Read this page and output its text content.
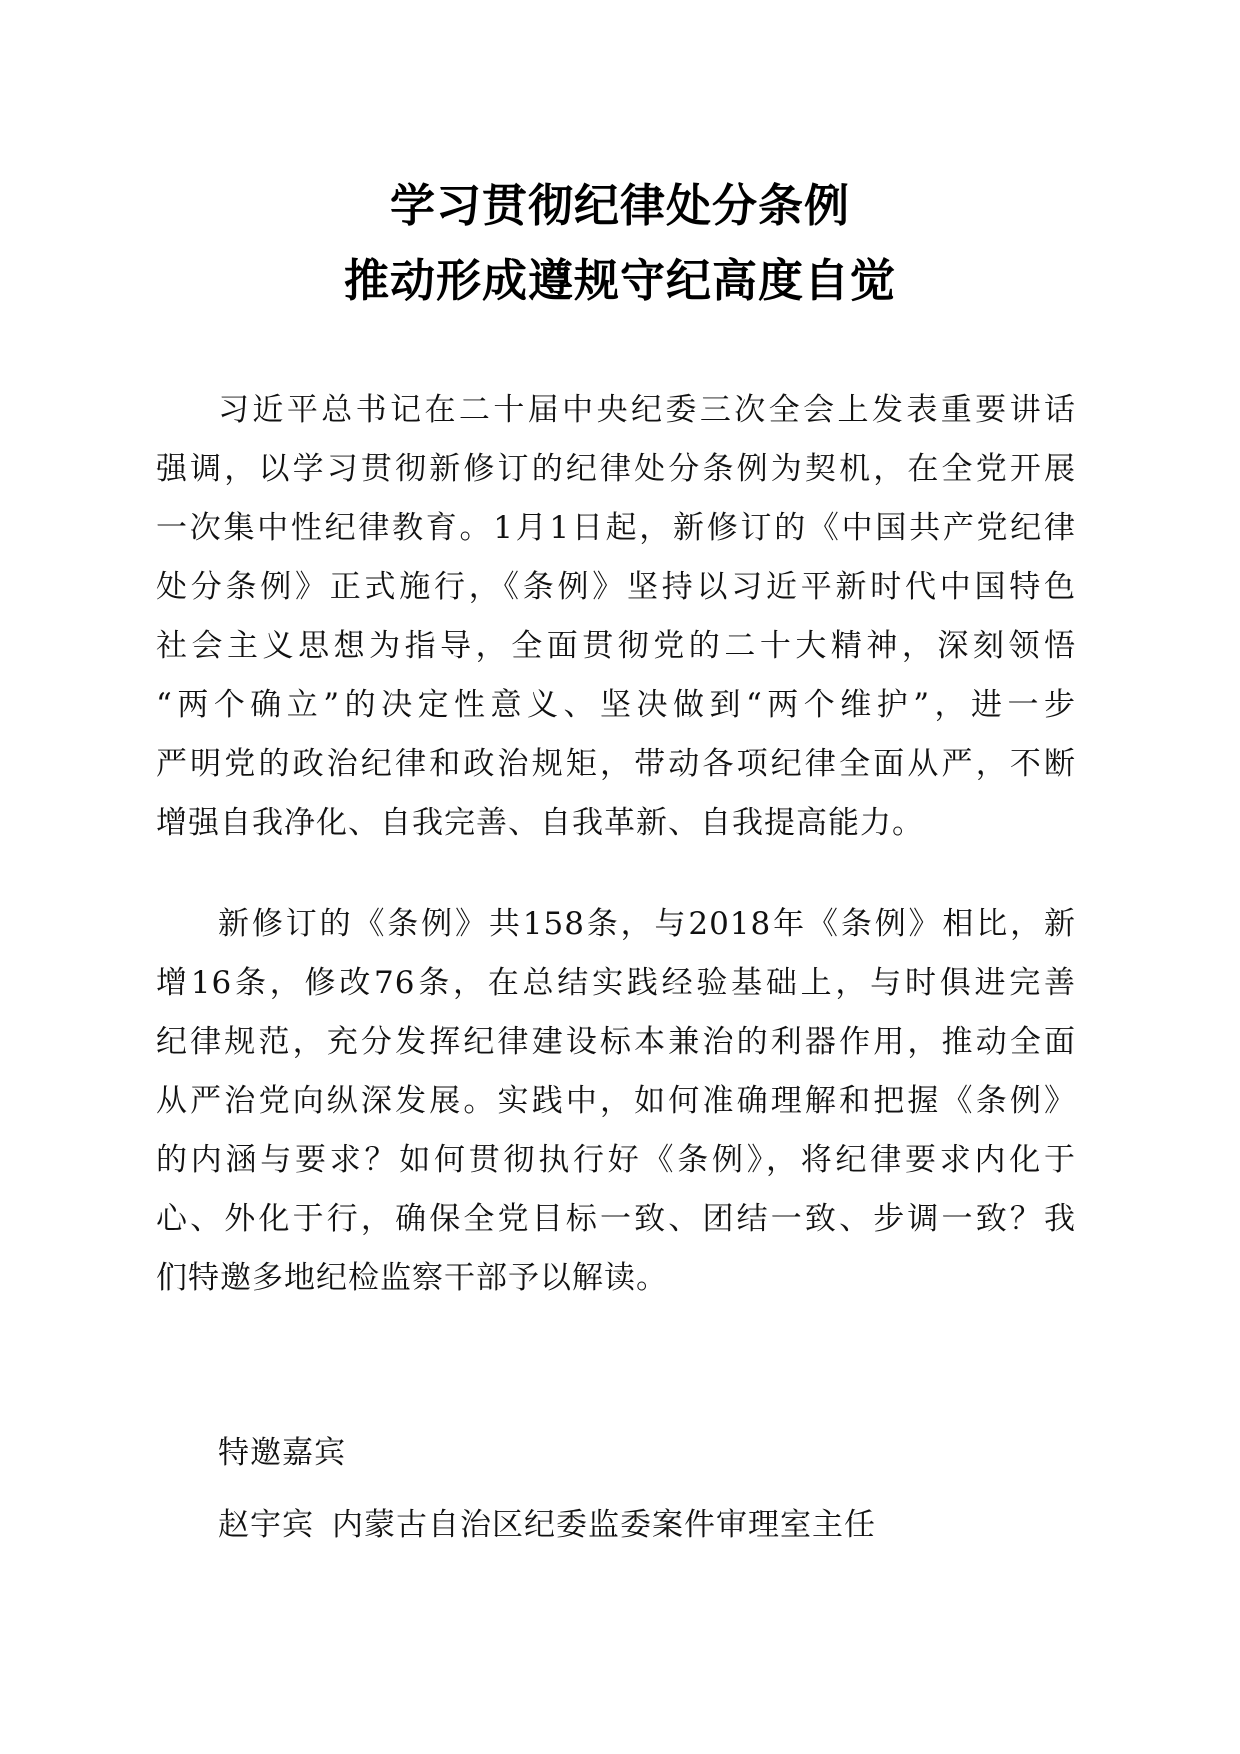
学习贯彻纪律处分条例
推动形成遵规守纪高度自觉
习近平总书记在二十届中央纪委三次全会上发表重要讲话
强调，以学习贯彻新修订的纪律处分条例为契机，在全党开展
一次集中性纪律教育。1月1日起，新修订的《中国共产党纪律
处分条例》正式施行，《条例》坚持以习近平新时代中国特色
社会主义思想为指导，全面贯彻党的二十大精神，深刻领悟
“两个确立”的决定性意义、坚决做到“两个维护”，进一步
严明党的政治纪律和政治规矩，带动各项纪律全面从严，不断
增强自我净化、自我完善、自我革新、自我提高能力。
新修订的《条例》共158条，与2018年《条例》相比，新
增16条，修改76条，在总结实践经验基础上，与时俱进完善
纪律规范，充分发挥纪律建设标本兼治的利器作用，推动全面
从严治党向纵深发展。实践中，如何准确理解和把握《条例》
的内涵与要求？如何贯彻执行好《条例》，将纪律要求内化于
心、外化于行，确保全党目标一致、团结一致、步调一致？我
们特邀多地纪检监察干部予以解读。
特邀嘉宾
赵宇宾 内蒙古自治区纪委监委案件审理室主任
